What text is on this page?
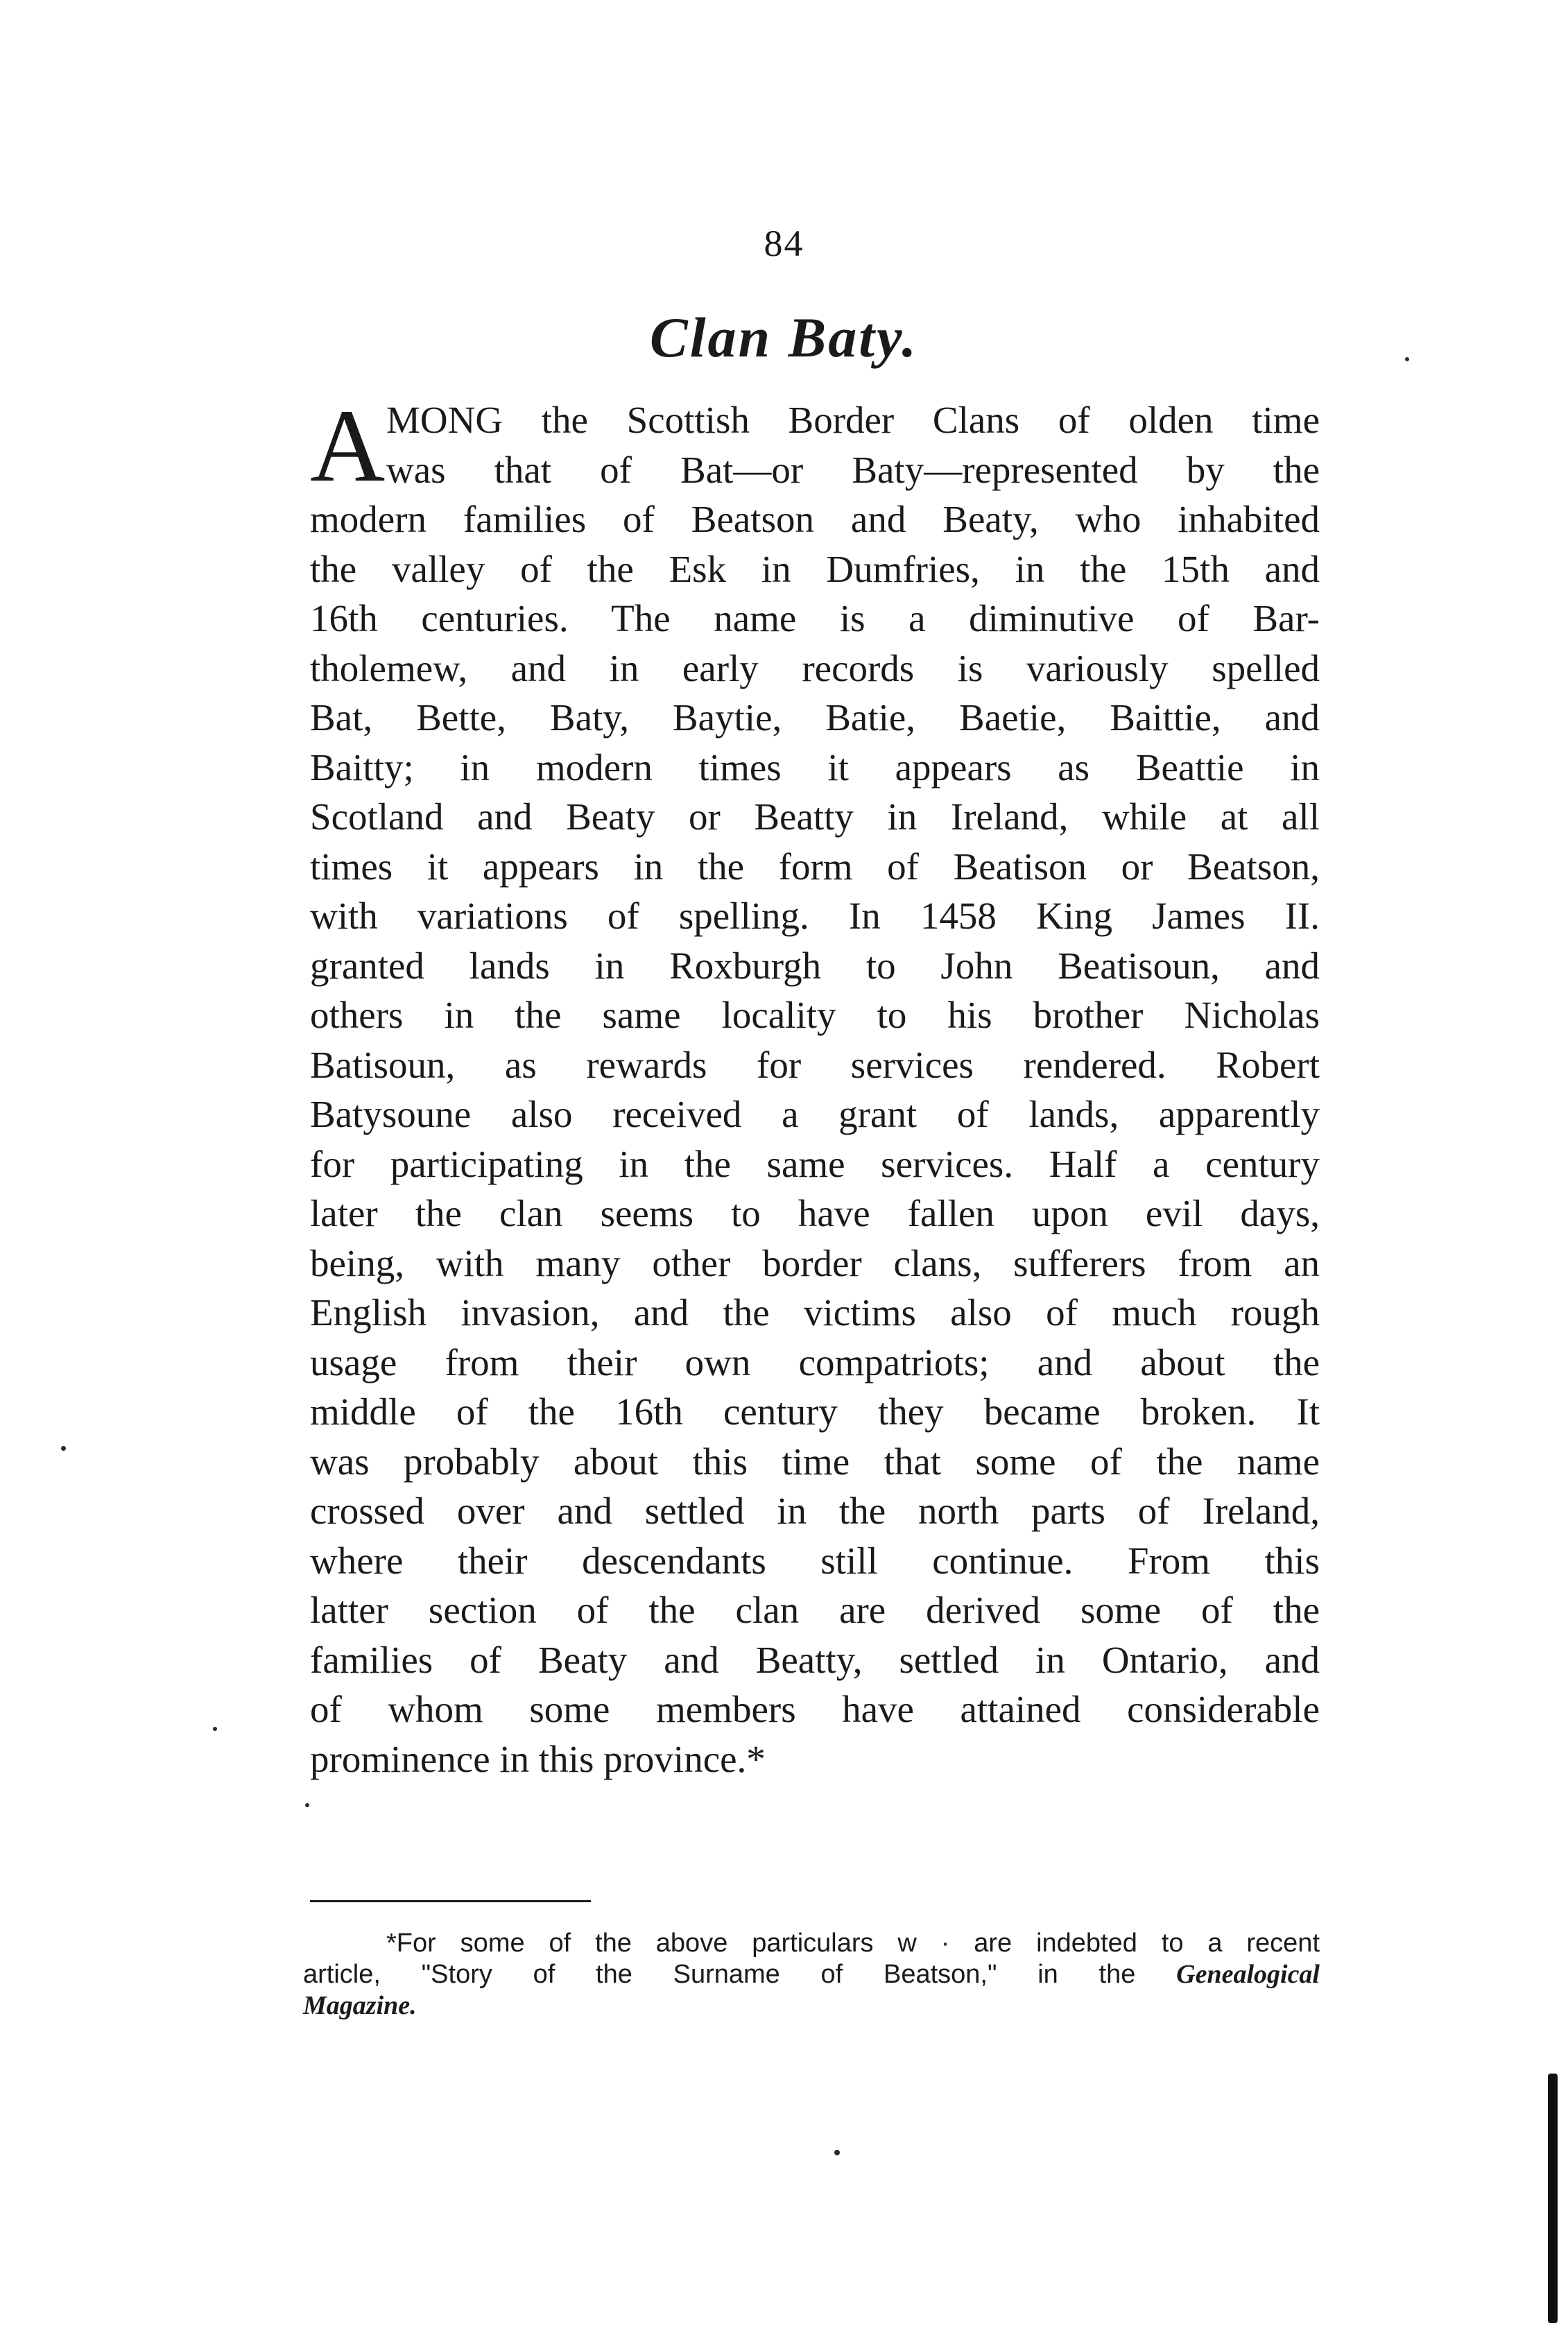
84
Clan Baty.
A MONG the Scottish Border Clans of olden time
was that of Bat—or Baty—represented by the
modern families of Beatson and Beaty, who inhabited
the valley of the Esk in Dumfries, in the 15th and
16th centuries. The name is a diminutive of Bar-
tholemew, and in early records is variously spelled
Bat, Bette, Baty, Baytie, Batie, Baetie, Baittie, and
Baitty; in modern times it appears as Beattie in
Scotland and Beaty or Beatty in Ireland, while at all
times it appears in the form of Beatison or Beatson,
with variations of spelling. In 1458 King James II.
granted lands in Roxburgh to John Beatisoun, and
others in the same locality to his brother Nicholas
Batisoun, as rewards for services rendered. Robert
Batysoune also received a grant of lands, apparently
for participating in the same services. Half a century
later the clan seems to have fallen upon evil days,
being, with many other border clans, sufferers from an
English invasion, and the victims also of much rough
usage from their own compatriots; and about the
middle of the 16th century they became broken. It
was probably about this time that some of the name
crossed over and settled in the north parts of Ireland,
where their descendants still continue. From this
latter section of the clan are derived some of the
families of Beaty and Beatty, settled in Ontario, and
of whom some members have attained considerable
prominence in this province.*
*For some of the above particulars w · are indebted to a recent
article, "Story of the Surname of Beatson," in the Genealogical
Magazine.
